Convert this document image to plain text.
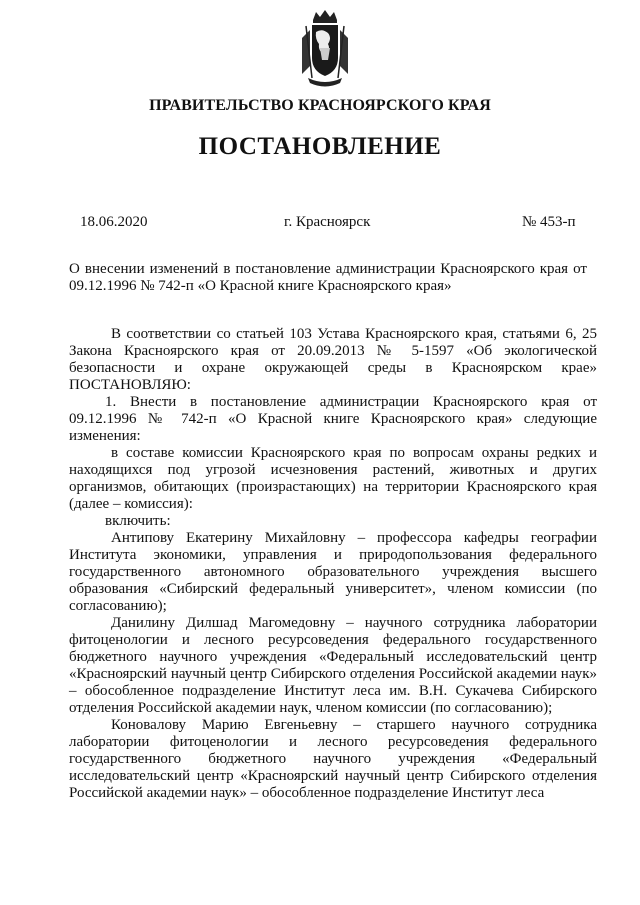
ПРАВИТЕЛЬСТВО КРАСНОЯРСКОГО КРАЯ
ПОСТАНОВЛЕНИЕ
18.06.2020	г. Красноярск	№ 453-п
О внесении изменений в постановление администрации Красноярского края от 09.12.1996 № 742-п «О Красной книге Красноярского края»

В соответствии со статьей 103 Устава Красноярского края, статьями 6, 25 Закона Красноярского края от 20.09.2013 № 5-1597 «Об экологической безопасности и охране окружающей среды в Красноярском крае» ПОСТАНОВЛЯЮ:

1. Внести в постановление администрации Красноярского края от 09.12.1996 № 742-п «О Красной книге Красноярского края» следующие изменения:

в составе комиссии Красноярского края по вопросам охраны редких и находящихся под угрозой исчезновения растений, животных и других организмов, обитающих (произрастающих) на территории Красноярского края (далее – комиссия):

включить:

Антипову Екатерину Михайловну – профессора кафедры географии Института экономики, управления и природопользования федерального государственного автономного образовательного учреждения высшего образования «Сибирский федеральный университет», членом комиссии (по согласованию);

Данилину Дилшад Магомедовну – научного сотрудника лаборатории фитоценологии и лесного ресурсоведения федерального государственного бюджетного научного учреждения «Федеральный исследовательский центр «Красноярский научный центр Сибирского отделения Российской академии наук» – обособленное подразделение Институт леса им. В.Н. Сукачева Сибирского отделения Российской академии наук, членом комиссии (по согласованию);

Коновалову Марию Евгеньевну – старшего научного сотрудника лаборатории фитоценологии и лесного ресурсоведения федерального государственного бюджетного научного учреждения «Федеральный исследовательский центр «Красноярский научный центр Сибирского отделения Российской академии наук» – обособленное подразделение Институт леса
